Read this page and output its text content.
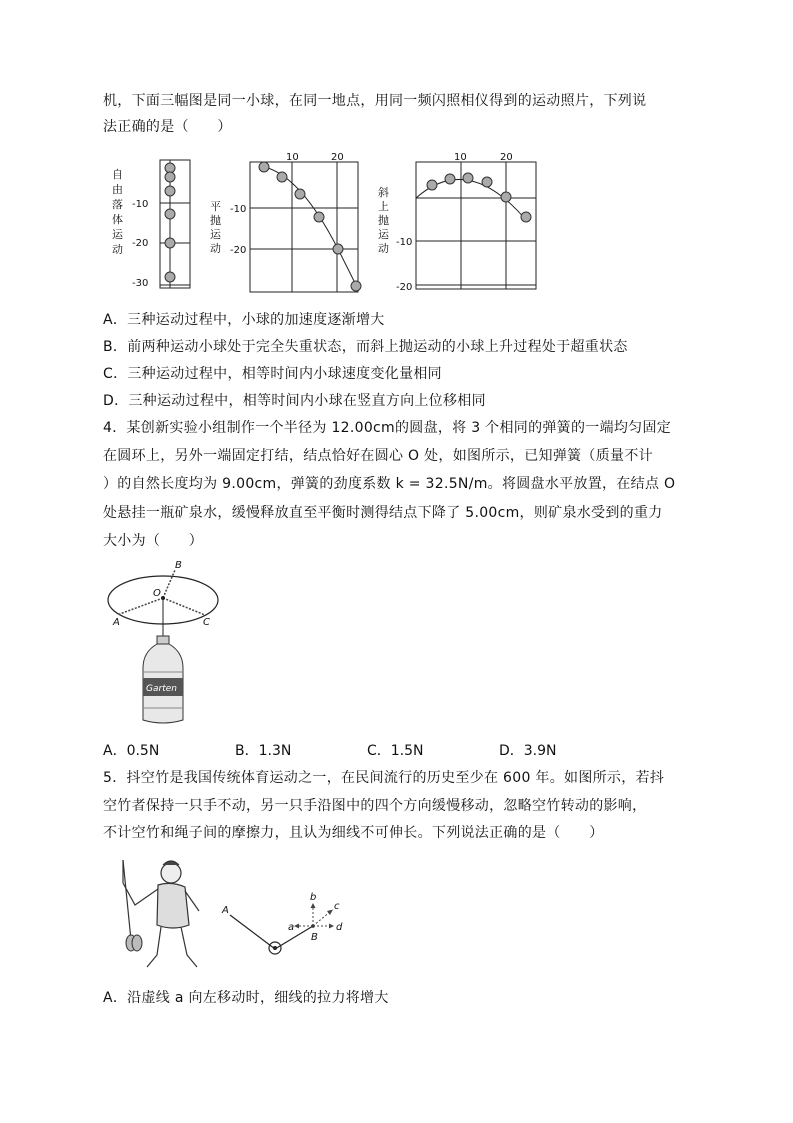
机，下面三幅图是同一小球，在同一地点，用同一频闪照相仪得到的运动照片，下列说
法正确的是（　　）
自
由
落
体
运
动
-10
-20
-30
平
抛
运
动
10	20
-10
-20
斜
上
抛
运
动
10	20
-10
-20
A．三种运动过程中，小球的加速度逐渐增大
B．前两种运动小球处于完全失重状态，而斜上抛运动的小球上升过程处于超重状态
C．三种运动过程中，相等时间内小球速度变化量相同
D．三种运动过程中，相等时间内小球在竖直方向上位移相同
4．某创新实验小组制作一个半径为 12.00cm的圆盘，将 3 个相同的弹簧的一端均匀固定
在圆环上，另外一端固定打结，结点恰好在圆心 O 处，如图所示，已知弹簧（质量不计
）的自然长度均为 9.00cm，弹簧的劲度系数 k = 32.5N/m。将圆盘水平放置，在结点 O
处悬挂一瓶矿泉水，缓慢释放直至平衡时测得结点下降了 5.00cm，则矿泉水受到的重力
大小为（　　）
B
O
A	C
Garten
A．0.5N	B．1.3N	C．1.5N	D．3.9N
5．抖空竹是我国传统体育运动之一，在民间流行的历史至少在 600 年。如图所示，若抖
空竹者保持一只手不动，另一只手沿图中的四个方向缓慢移动，忽略空竹转动的影响，
不计空竹和绳子间的摩擦力，且认为细线不可伸长。下列说法正确的是（　　）
A
B
a
b
c
d
A．沿虚线 a 向左移动时，细线的拉力将增大
